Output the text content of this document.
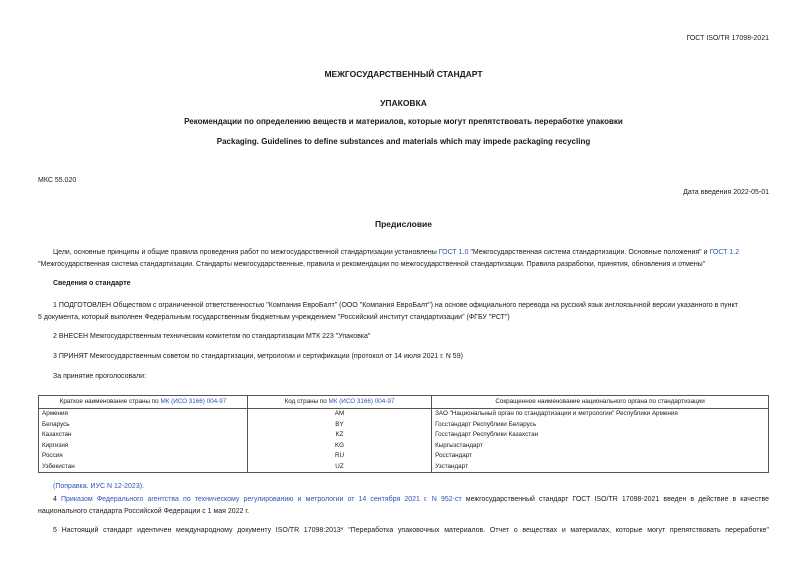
ГОСТ ISO/TR 17098-2021
МЕЖГОСУДАРСТВЕННЫЙ СТАНДАРТ
УПАКОВКА
Рекомендации по определению веществ и материалов, которые могут препятствовать переработке упаковки
Packaging. Guidelines to define substances and materials which may impede packaging recycling
МКС 55.020
Дата введения 2022-05-01
Предисловие
Цели, основные принципы и общие правила проведения работ по межгосударственной стандартизации установлены ГОСТ 1.0 "Межгосударственная система стандартизации. Основные положения" и ГОСТ 1.2
"Межгосударственная система стандартизации. Стандарты межгосударственные, правила и рекомендации по межгосударственной стандартизации. Правила разработки, принятия, обновления и отмены"
Сведения о стандарте
1 ПОДГОТОВЛЕН Обществом с ограниченной ответственностью "Компания ЕвроБалт" (ООО "Компания ЕвроБалт") на основе официального перевода на русский язык англоязычной версии указанного в пункт
5 документа, который выполнен Федеральным государственным бюджетным учреждением "Российский институт стандартизации" (ФГБУ "РСТ")
2 ВНЕСЕН Межгосударственным техническим комитетом по стандартизации МТК 223 "Упаковка"
3 ПРИНЯТ Межгосударственным советом по стандартизации, метрологии и сертификации (протокол от 14 июля 2021 г. N 59)
За принятие проголосовали:
Краткое наименование страны по МК (ИСО 3166) 004-97	Код страны по МК (ИСО 3166) 004-97	Сокращенное наименование национального органа по стандартизации
Армения	AM	ЗАО "Национальный орган по стандартизации и метрологии" Республики Армения
Беларусь	BY	Госстандарт Республики Беларусь
Казахстан	KZ	Госстандарт Республики Казахстан
Киргизия	KG	Кыргызстандарт
Россия	RU	Росстандарт
Узбекистан	UZ	Узстандарт
(Поправка. ИУС N 12-2023).
4 Приказом Федерального агентства по техническому регулированию и метрологии от 14 сентября 2021 г. N 952-ст межгосударственный стандарт ГОСТ ISO/TR 17098-2021 введен в действие в качестве
национального стандарта Российской Федерации с 1 мая 2022 г.
5 Настоящий стандарт идентичен международному документу ISO/TR 17098:2013* "Переработка упаковочных материалов. Отчет о веществах и материалах, которые могут препятствовать переработке"
